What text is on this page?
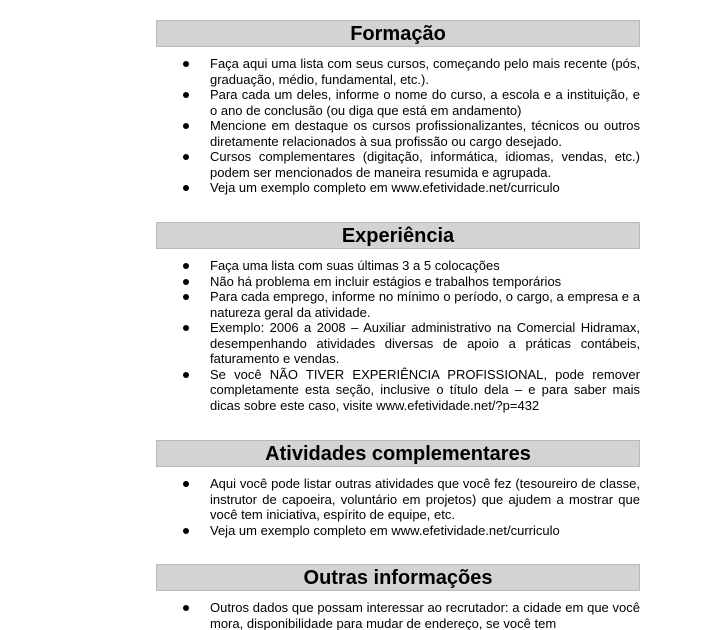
Formação
Faça aqui uma lista com seus cursos, começando pelo mais recente (pós, graduação, médio, fundamental, etc.).
Para cada um deles, informe o nome do curso, a escola e a instituição, e o ano de conclusão (ou diga que está em andamento)
Mencione em destaque os cursos profissionalizantes, técnicos ou outros diretamente relacionados à sua profissão ou cargo desejado.
Cursos complementares (digitação, informática, idiomas, vendas, etc.) podem ser mencionados de maneira resumida e agrupada.
Veja um exemplo completo em www.efetividade.net/curriculo
Experiência
Faça uma lista com suas últimas 3 a 5 colocações
Não há problema em incluir estágios e trabalhos temporários
Para cada emprego, informe no mínimo o período, o cargo, a empresa e a natureza geral da atividade.
Exemplo: 2006 a 2008 – Auxiliar administrativo na Comercial Hidramax, desempenhando atividades diversas de apoio a práticas contábeis, faturamento e vendas.
Se você NÃO TIVER EXPERIÊNCIA PROFISSIONAL, pode remover completamente esta seção, inclusive o título dela – e para saber mais dicas sobre este caso, visite www.efetividade.net/?p=432
Atividades complementares
Aqui você pode listar outras atividades que você fez (tesoureiro de classe, instrutor de capoeira, voluntário em projetos) que ajudem a mostrar que você tem iniciativa, espírito de equipe, etc.
Veja um exemplo completo em www.efetividade.net/curriculo
Outras informações
Outros dados que possam interessar ao recrutador: a cidade em que você mora, disponibilidade para mudar de endereço, se você tem
